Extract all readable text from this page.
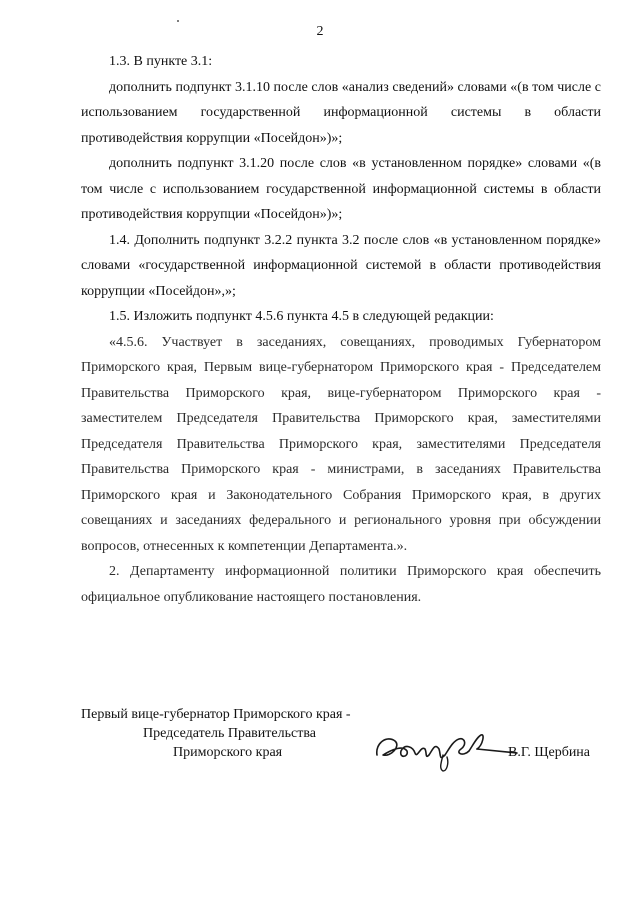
2

1.3. В пункте 3.1:

дополнить подпункт 3.1.10 после слов «анализ сведений» словами «(в том числе с использованием государственной информационной системы в области противодействия коррупции «Посейдон»)»;

дополнить подпункт 3.1.20 после слов «в установленном порядке» словами «(в том числе с использованием государственной информационной системы в области противодействия коррупции «Посейдон»)»;

1.4. Дополнить подпункт 3.2.2 пункта 3.2 после слов «в установленном порядке» словами «государственной информационной системой в области противодействия коррупции «Посейдон»,»;

1.5. Изложить подпункт 4.5.6 пункта 4.5 в следующей редакции:

«4.5.6. Участвует в заседаниях, совещаниях, проводимых Губернатором Приморского края, Первым вице-губернатором Приморского края - Председателем Правительства Приморского края, вице-губернатором Приморского края - заместителем Председателя Правительства Приморского края, заместителями Председателя Правительства Приморского края, заместителями Председателя Правительства Приморского края - министрами, в заседаниях Правительства Приморского края и Законодательного Собрания Приморского края, в других совещаниях и заседаниях федерального и регионального уровня при обсуждении вопросов, отнесенных к компетенции Департамента.».

2. Департаменту информационной политики Приморского края обеспечить официальное опубликование настоящего постановления.

Первый вице-губернатор Приморского края -
Председатель Правительства
Приморского края	В.Г. Щербина
